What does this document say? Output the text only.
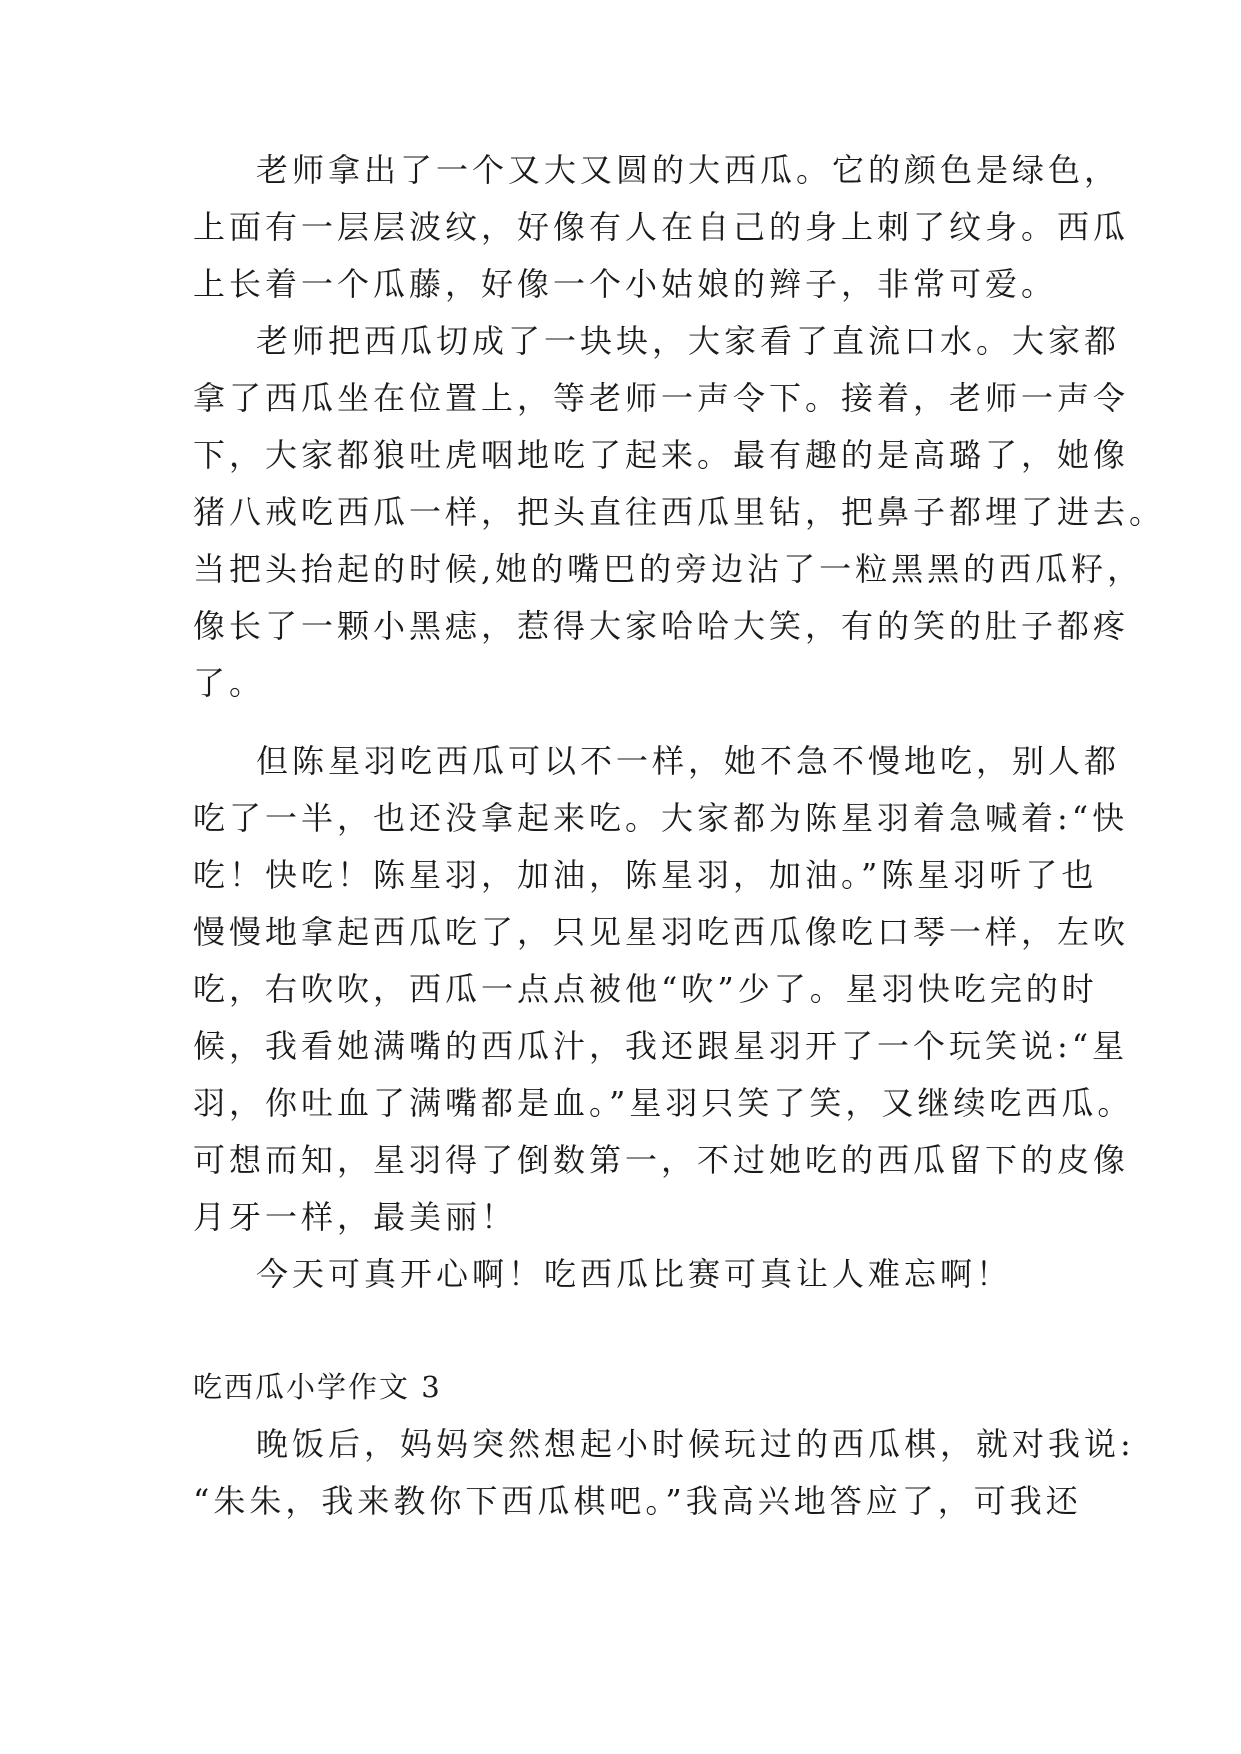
老师拿出了一个又大又圆的大西瓜。它的颜色是绿色，
上面有一层层波纹，好像有人在自己的身上刺了纹身。西瓜
上长着一个瓜藤，好像一个小姑娘的辫子，非常可爱。
老师把西瓜切成了一块块，大家看了直流口水。大家都
拿了西瓜坐在位置上，等老师一声令下。接着，老师一声令
下，大家都狼吐虎咽地吃了起来。最有趣的是高璐了，她像
猪八戒吃西瓜一样，把头直往西瓜里钻，把鼻子都埋了进去。
当把头抬起的时候,她的嘴巴的旁边沾了一粒黑黑的西瓜籽，
像长了一颗小黑痣，惹得大家哈哈大笑，有的笑的肚子都疼
了。
但陈星羽吃西瓜可以不一样，她不急不慢地吃，别人都
吃了一半，也还没拿起来吃。大家都为陈星羽着急喊着:“快
吃！快吃！陈星羽，加油，陈星羽，加油。”陈星羽听了也
慢慢地拿起西瓜吃了，只见星羽吃西瓜像吃口琴一样，左吹
吃，右吹吹，西瓜一点点被他“吹”少了。星羽快吃完的时
候，我看她满嘴的西瓜汁，我还跟星羽开了一个玩笑说:“星
羽，你吐血了满嘴都是血。”星羽只笑了笑，又继续吃西瓜。
可想而知，星羽得了倒数第一，不过她吃的西瓜留下的皮像
月牙一样，最美丽！
今天可真开心啊！吃西瓜比赛可真让人难忘啊！
吃西瓜小学作文 3
晚饭后，妈妈突然想起小时候玩过的西瓜棋，就对我说:
“朱朱，我来教你下西瓜棋吧。”我高兴地答应了，可我还
